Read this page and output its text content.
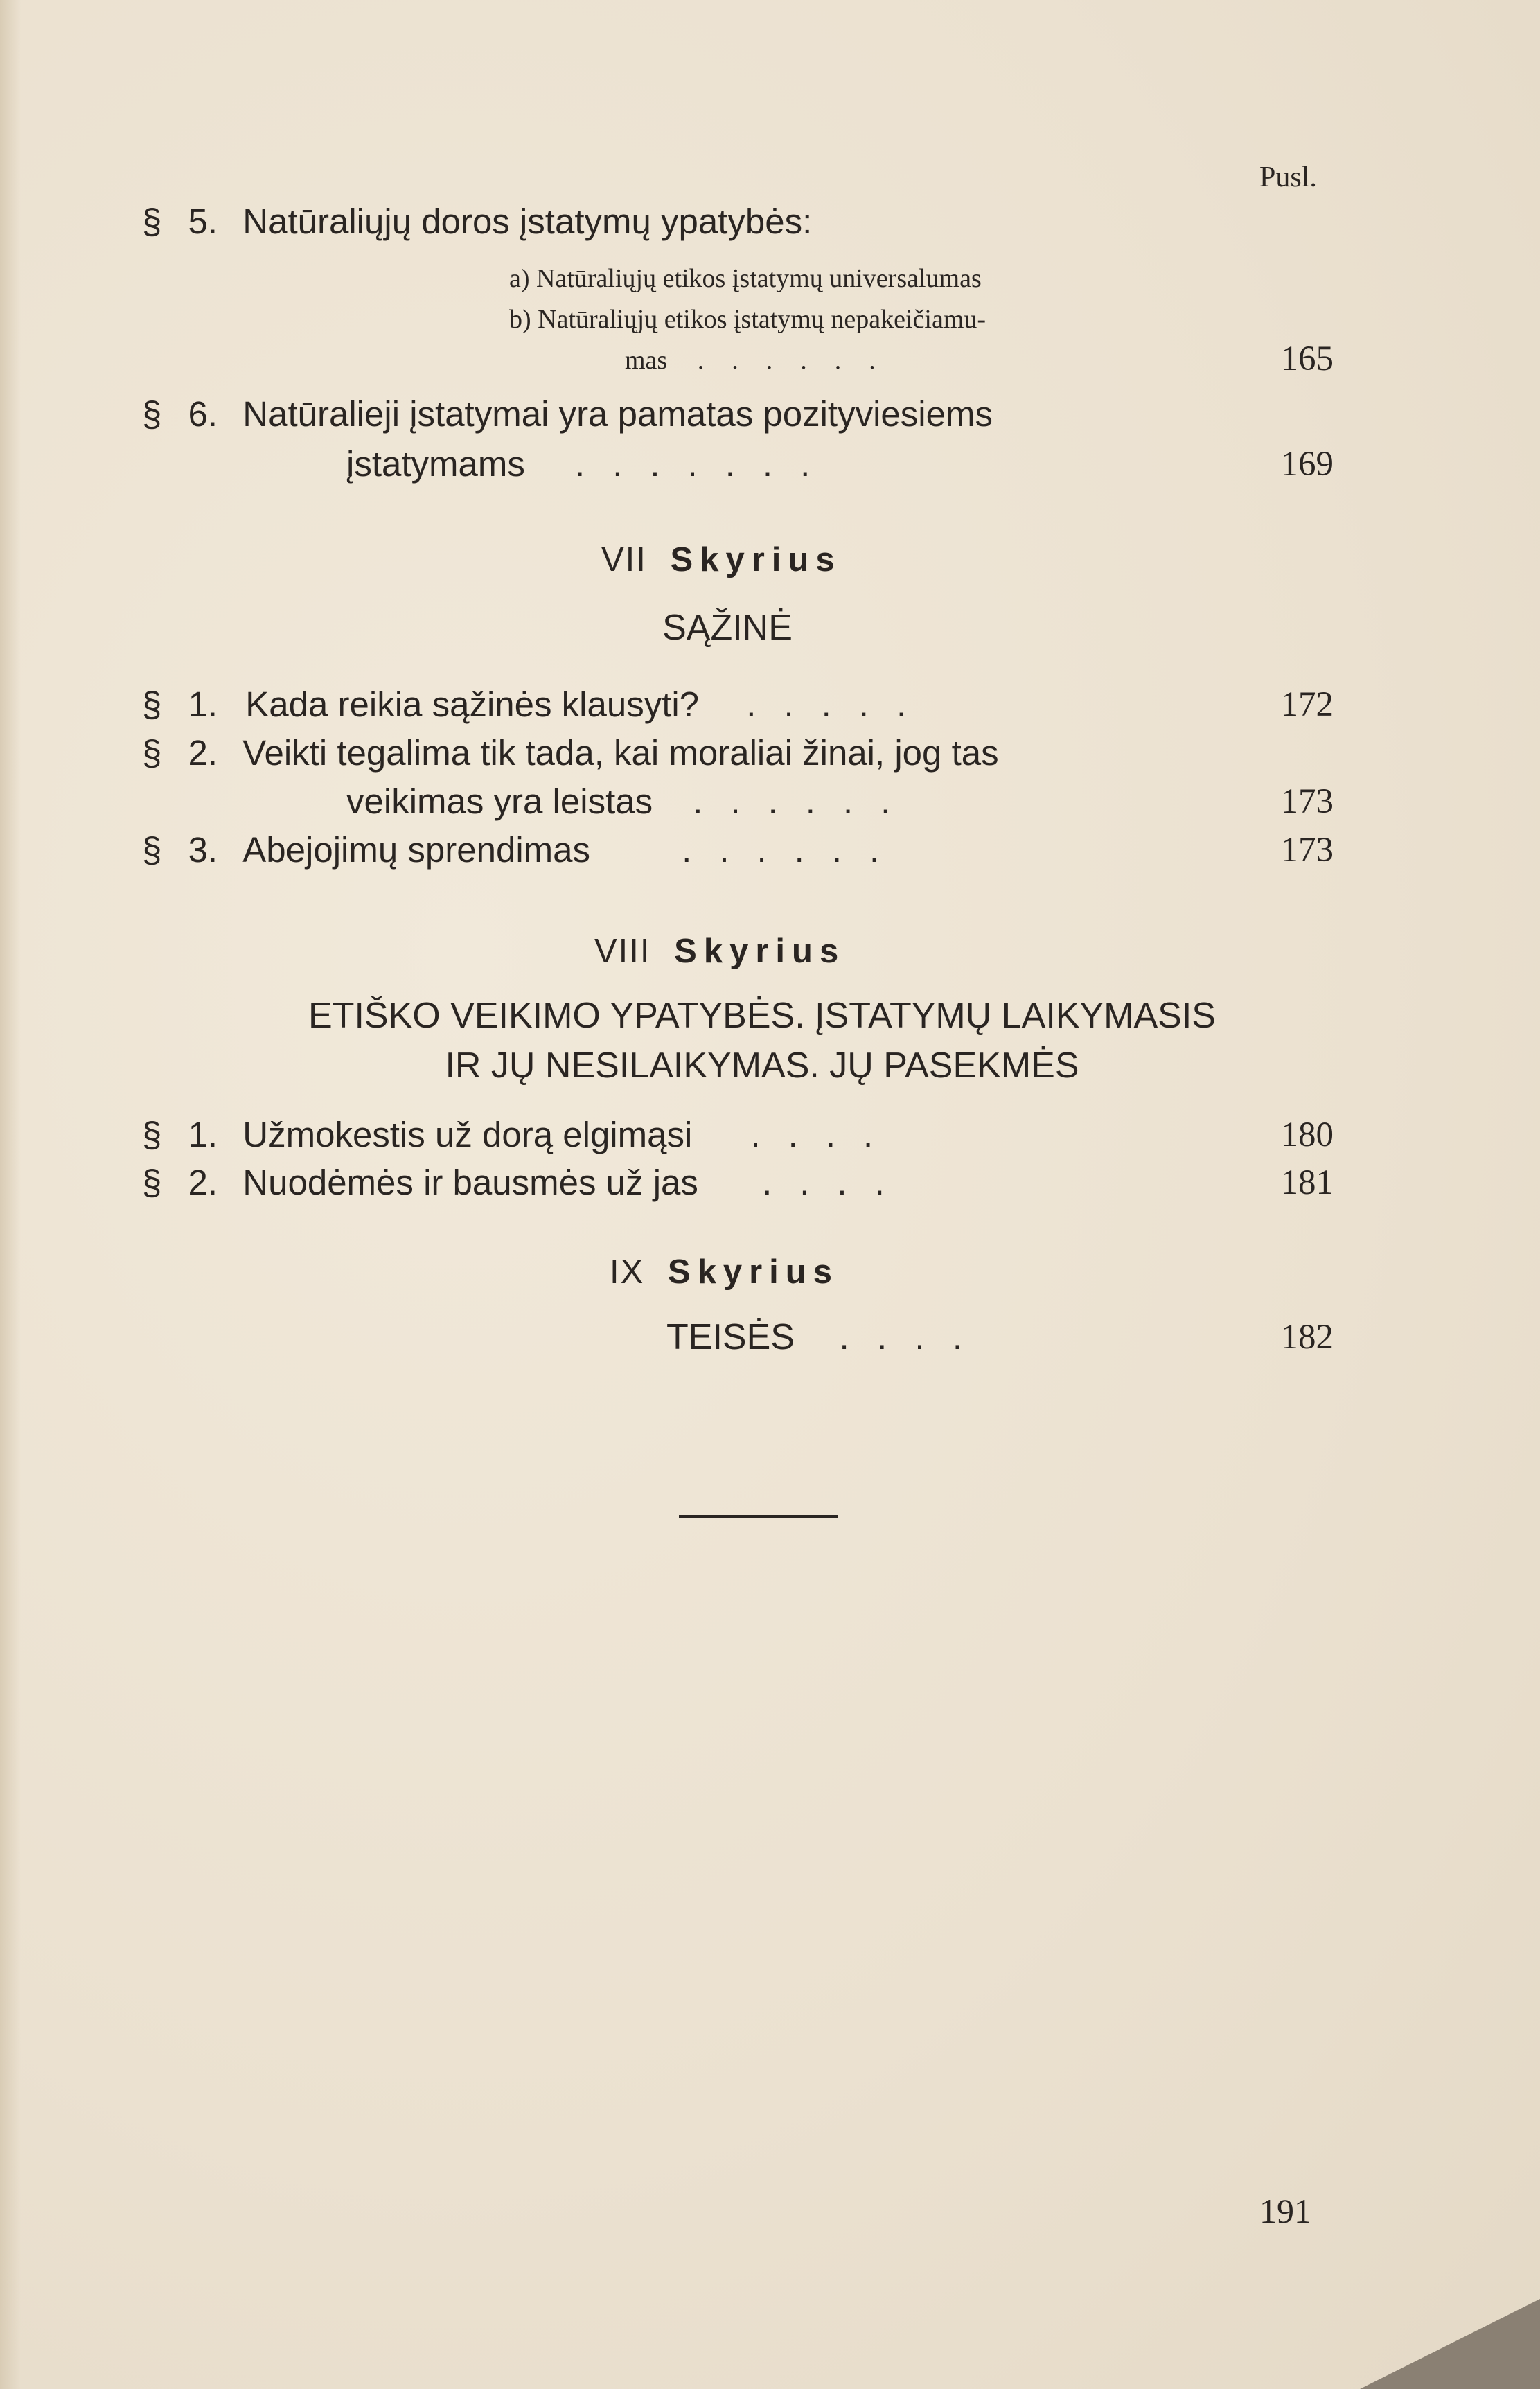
Pusl.
§ 5. Natūraliųjų doros įstatymų ypatybės:
a) Natūraliųjų etikos įstatymų universalumas
b) Natūraliųjų etikos įstatymų nepakeičiamu-
mas ......	165
§ 6. Natūralieji įstatymai yra pamatas pozityviesiems
įstatymams .......	169
VII Skyrius
SĄŽINĖ
§ 1. Kada reikia sąžinės klausyti? .....	172
§ 2. Veikti tegalima tik tada, kai moraliai žinai, jog tas
veikimas yra leistas ......	173
§ 3. Abejojimų sprendimas	......	173
VIII Skyrius
ETIŠKO VEIKIMO YPATYBĖS. ĮSTATYMŲ LAIKYMASIS
IR JŲ NESILAIKYMAS. JŲ PASEKMĖS
§ 1. Užmokestis už dorą elgimąsi ....	180
§ 2. Nuodėmės ir bausmės už jas ....	181
IX Skyrius
TEISĖS ....	182
191
